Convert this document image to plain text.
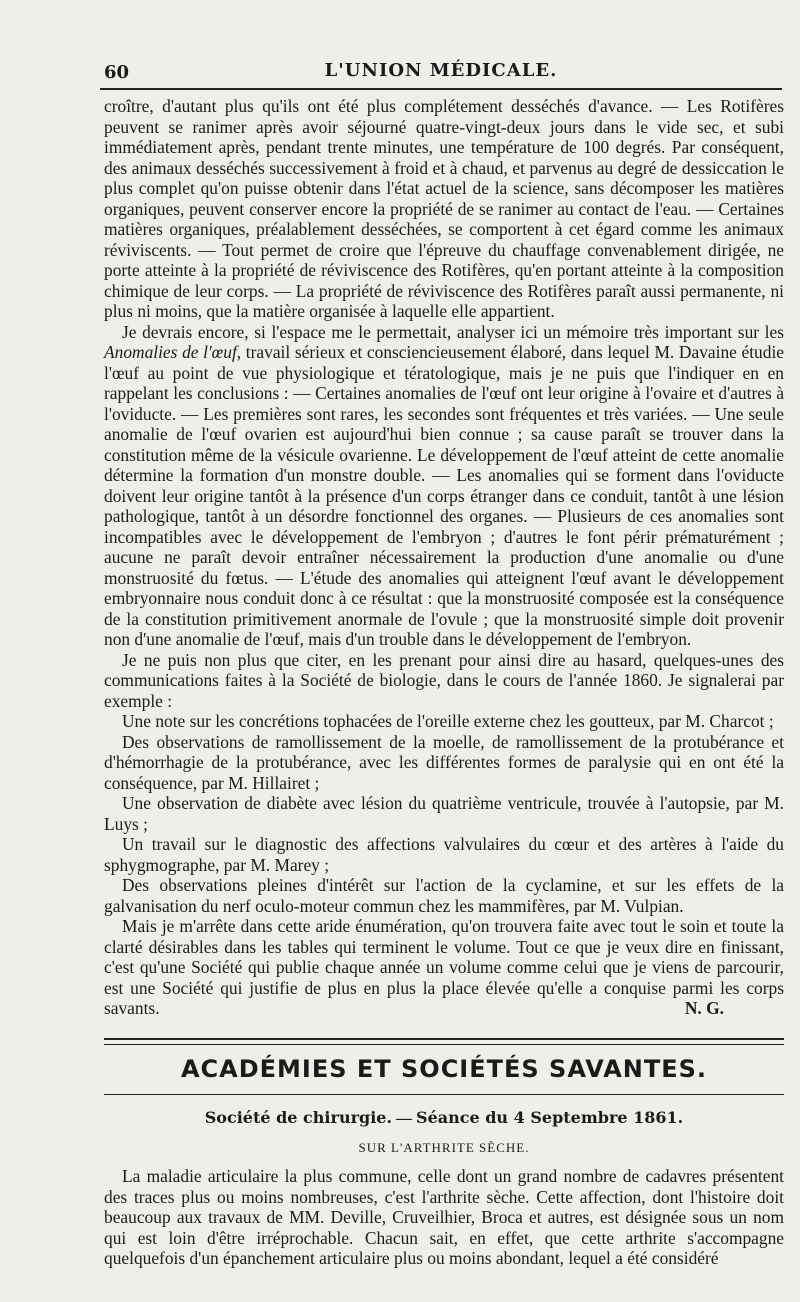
60	L'UNION MÉDICALE.

croître, d'autant plus qu'ils ont été plus complétement desséchés d'avance. — Les Rotifères peuvent se ranimer après avoir séjourné quatre-vingt-deux jours dans le vide sec, et subi immédiatement après, pendant trente minutes, une température de 100 degrés. Par conséquent, des animaux desséchés successivement à froid et à chaud, et parvenus au degré de dessiccation le plus complet qu'on puisse obtenir dans l'état actuel de la science, sans décomposer les matières organiques, peuvent conserver encore la propriété de se ranimer au contact de l'eau. — Certaines matières organiques, préalablement desséchées, se comportent à cet égard comme les animaux réviviscents. — Tout permet de croire que l'épreuve du chauffage convenablement dirigée, ne porte atteinte à la propriété de réviviscence des Rotifères, qu'en portant atteinte à la composition chimique de leur corps. — La propriété de réviviscence des Rotifères paraît aussi permanente, ni plus ni moins, que la matière organisée à laquelle elle appartient.

Je devrais encore, si l'espace me le permettait, analyser ici un mémoire très important sur les Anomalies de l'œuf, travail sérieux et consciencieusement élaboré, dans lequel M. Davaine étudie l'œuf au point de vue physiologique et tératologique, mais je ne puis que l'indiquer en en rappelant les conclusions : — Certaines anomalies de l'œuf ont leur origine à l'ovaire et d'autres à l'oviducte. — Les premières sont rares, les secondes sont fréquentes et très variées. — Une seule anomalie de l'œuf ovarien est aujourd'hui bien connue ; sa cause paraît se trouver dans la constitution même de la vésicule ovarienne. Le développement de l'œuf atteint de cette anomalie détermine la formation d'un monstre double. — Les anomalies qui se forment dans l'oviducte doivent leur origine tantôt à la présence d'un corps étranger dans ce conduit, tantôt à une lésion pathologique, tantôt à un désordre fonctionnel des organes. — Plusieurs de ces anomalies sont incompatibles avec le développement de l'embryon ; d'autres le font périr prématurément ; aucune ne paraît devoir entraîner nécessairement la production d'une anomalie ou d'une monstruosité du fœtus. — L'étude des anomalies qui atteignent l'œuf avant le développement embryonnaire nous conduit donc à ce résultat : que la monstruosité composée est la conséquence de la constitution primitivement anormale de l'ovule ; que la monstruosité simple doit provenir non d'une anomalie de l'œuf, mais d'un trouble dans le développement de l'embryon.

Je ne puis non plus que citer, en les prenant pour ainsi dire au hasard, quelques-unes des communications faites à la Société de biologie, dans le cours de l'année 1860. Je signalerai par exemple :

Une note sur les concrétions tophacées de l'oreille externe chez les goutteux, par M. Charcot ;

Des observations de ramollissement de la moelle, de ramollissement de la protubérance et d'hémorrhagie de la protubérance, avec les différentes formes de paralysie qui en ont été la conséquence, par M. Hillairet ;

Une observation de diabète avec lésion du quatrième ventricule, trouvée à l'autopsie, par M. Luys ;

Un travail sur le diagnostic des affections valvulaires du cœur et des artères à l'aide du sphygmographe, par M. Marey ;

Des observations pleines d'intérêt sur l'action de la cyclamine, et sur les effets de la galvanisation du nerf oculo-moteur commun chez les mammifères, par M. Vulpian.

Mais je m'arrête dans cette aride énumération, qu'on trouvera faite avec tout le soin et toute la clarté désirables dans les tables qui terminent le volume. Tout ce que je veux dire en finissant, c'est qu'une Société qui publie chaque année un volume comme celui que je viens de parcourir, est une Société qui justifie de plus en plus la place élevée qu'elle a conquise parmi les corps savants.	N. G.

ACADÉMIES ET SOCIÉTÉS SAVANTES.
Société de chirurgie. — Séance du 4 Septembre 1861.
SUR L'ARTHRITE SÈCHE.

La maladie articulaire la plus commune, celle dont un grand nombre de cadavres présentent des traces plus ou moins nombreuses, c'est l'arthrite sèche. Cette affection, dont l'histoire doit beaucoup aux travaux de MM. Deville, Cruveilhier, Broca et autres, est désignée sous un nom qui est loin d'être irréprochable. Chacun sait, en effet, que cette arthrite s'accompagne quelquefois d'un épanchement articulaire plus ou moins abondant, lequel a été considéré
